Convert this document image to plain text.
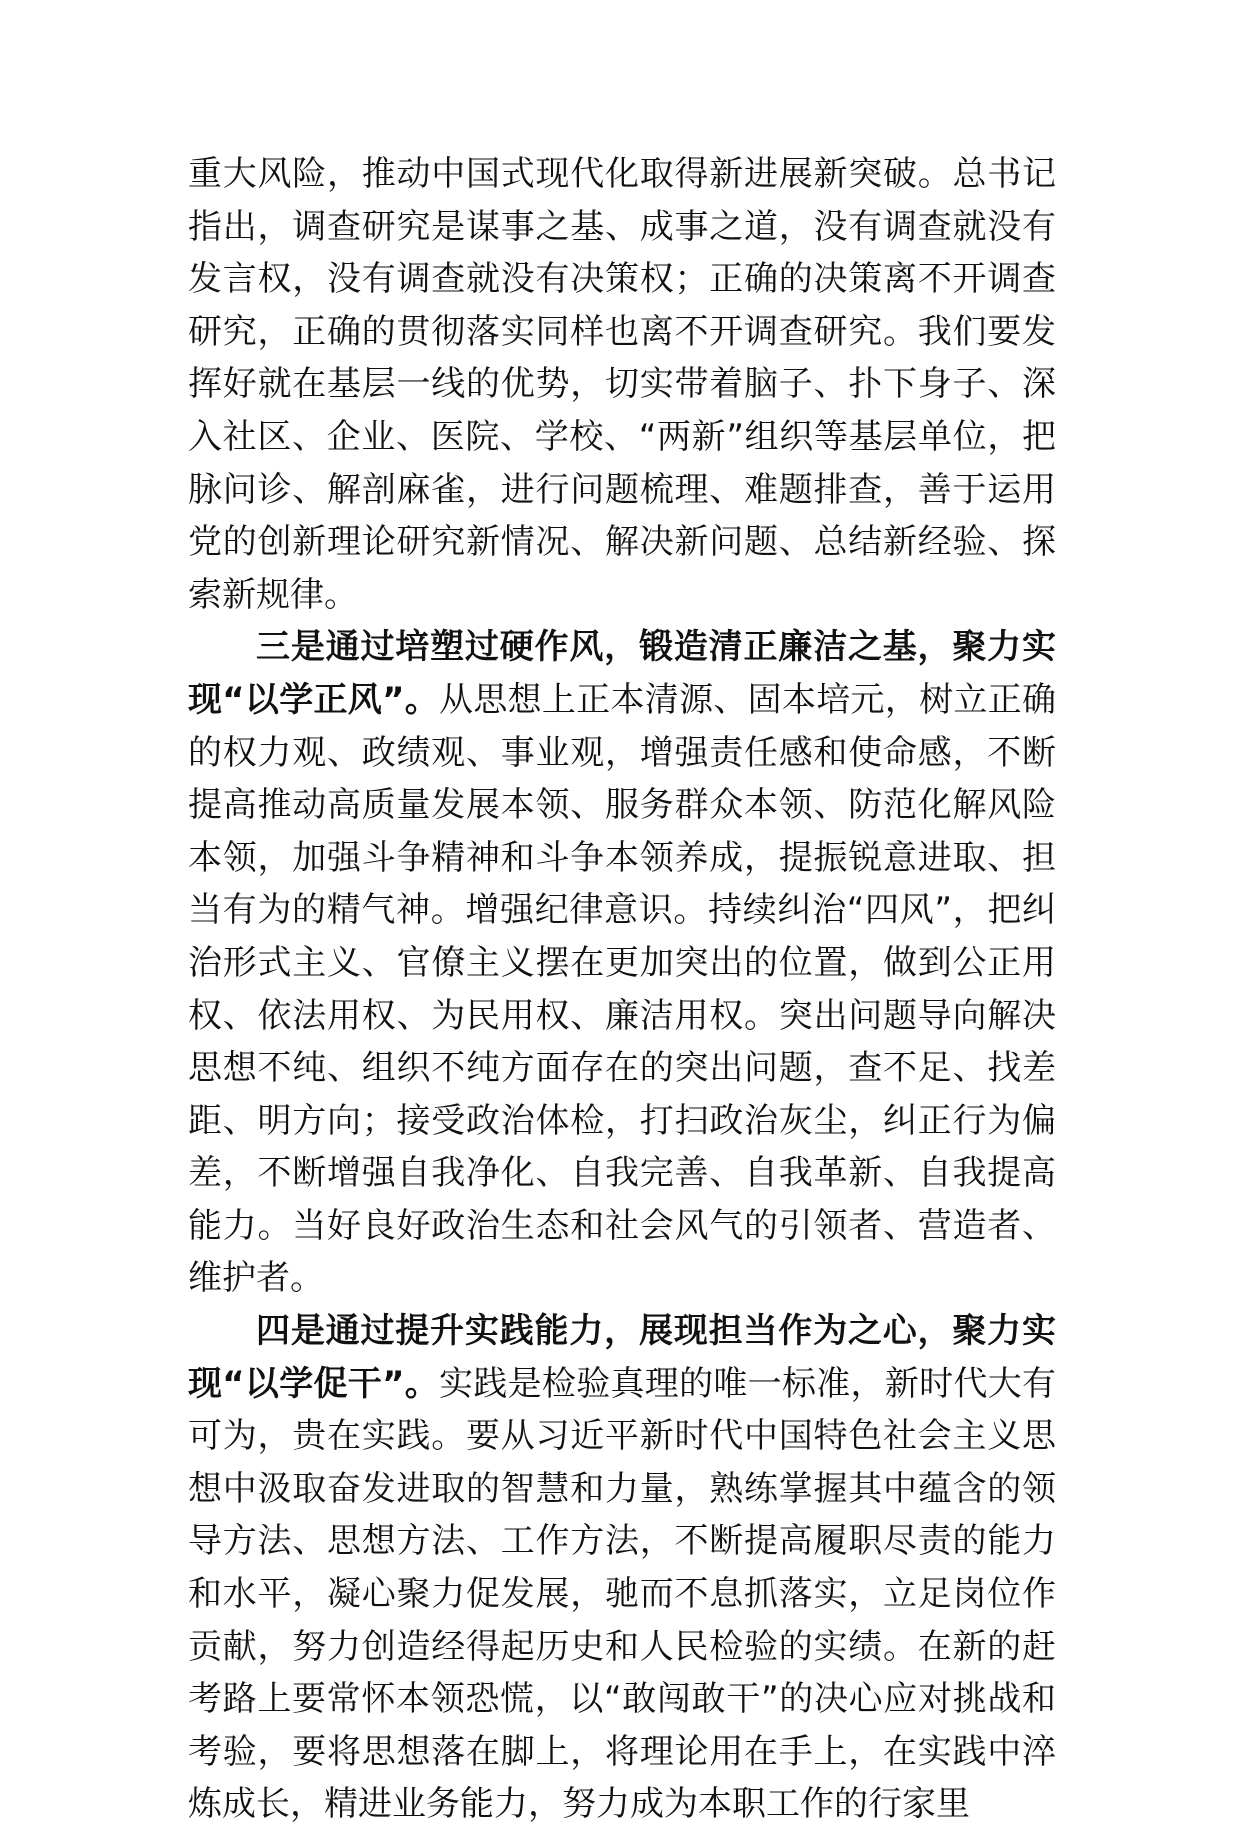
重大风险，推动中国式现代化取得新进展新突破。总书记指出，调查研究是谋事之基、成事之道，没有调查就没有发言权，没有调查就没有决策权；正确的决策离不开调查研究，正确的贯彻落实同样也离不开调查研究。我们要发挥好就在基层一线的优势，切实带着脑子、扑下身子、深入社区、企业、医院、学校、“两新”组织等基层单位，把脉问诊、解剖麻雀，进行问题梳理、难题排查，善于运用党的创新理论研究新情况、解决新问题、总结新经验、探索新规律。

三是通过培塑过硬作风，锻造清正廉洁之基，聚力实现“以学正风”。从思想上正本清源、固本培元，树立正确的权力观、政绩观、事业观，增强责任感和使命感，不断提高推动高质量发展本领、服务群众本领、防范化解风险本领，加强斗争精神和斗争本领养成，提振锐意进取、担当有为的精气神。增强纪律意识。持续纠治“四风”，把纠治形式主义、官僚主义摆在更加突出的位置，做到公正用权、依法用权、为民用权、廉洁用权。突出问题导向解决思想不纯、组织不纯方面存在的突出问题，查不足、找差距、明方向；接受政治体检，打扫政治灰尘，纠正行为偏差，不断增强自我净化、自我完善、自我革新、自我提高能力。当好良好政治生态和社会风气的引领者、营造者、维护者。

四是通过提升实践能力，展现担当作为之心，聚力实现“以学促干”。实践是检验真理的唯一标准，新时代大有可为，贵在实践。要从习近平新时代中国特色社会主义思想中汲取奋发进取的智慧和力量，熟练掌握其中蕴含的领导方法、思想方法、工作方法，不断提高履职尽责的能力和水平，凝心聚力促发展，驰而不息抓落实，立足岗位作贡献，努力创造经得起历史和人民检验的实绩。在新的赶考路上要常怀本领恐慌，以“敢闯敢干”的决心应对挑战和考验，要将思想落在脚上，将理论用在手上，在实践中淬炼成长，精进业务能力，努力成为本职工作的行家里
